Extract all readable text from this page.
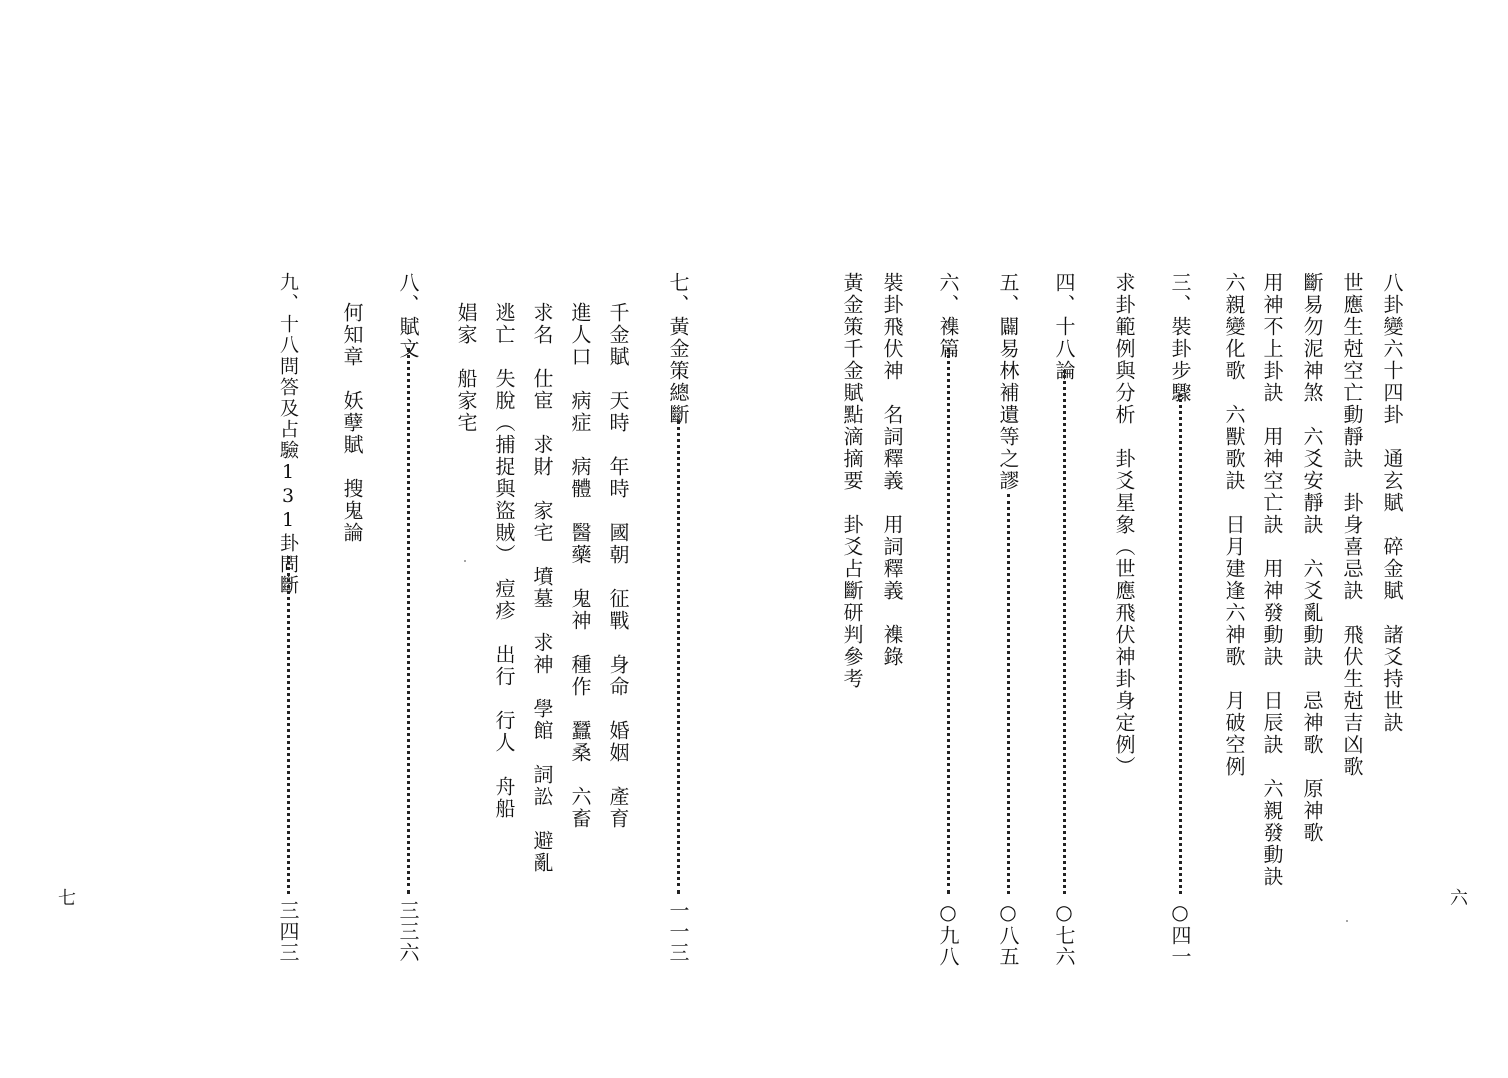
八卦變六十四卦　通玄賦　碎金賦　諸爻持世訣
世應生尅空亡動靜訣　卦身喜忌訣　飛伏生尅吉凶歌
斷易勿泥神煞　六爻安靜訣　六爻亂動訣　忌神歌　原神歌
用神不上卦訣　用神空亡訣　用神發動訣　日辰訣　六親發動訣
六親變化歌　六獸歌訣　日月建逢六神歌　月破空例
三、裝卦步驟
○四一
求卦範例與分析　卦爻星象（世應飛伏神卦身定例）
四、十八論
○七六
五、闢易林補遺等之謬
○八五
六、襍篇
○九八
裝卦飛伏神　名詞釋義　用詞釋義　襍錄
黃金策千金賦點滴摘要　卦爻占斷研判參考
六
七、黃金策總斷
一一三
千金賦　天時　年時　國朝　征戰　身命　婚姻　產育
進人口　病症　病體　醫藥　鬼神　種作　蠶桑　六畜
求名　仕宦　求財　家宅　墳墓　求神　學館　詞訟　避亂
逃亡　失脫（捕捉與盜賊）　痘疹　出行　行人　舟船
娼家　船家宅
八、賦文
三三六
何知章　妖孽賦　搜鬼論
九、十八問答及占驗131卦問斷
三四三
七
